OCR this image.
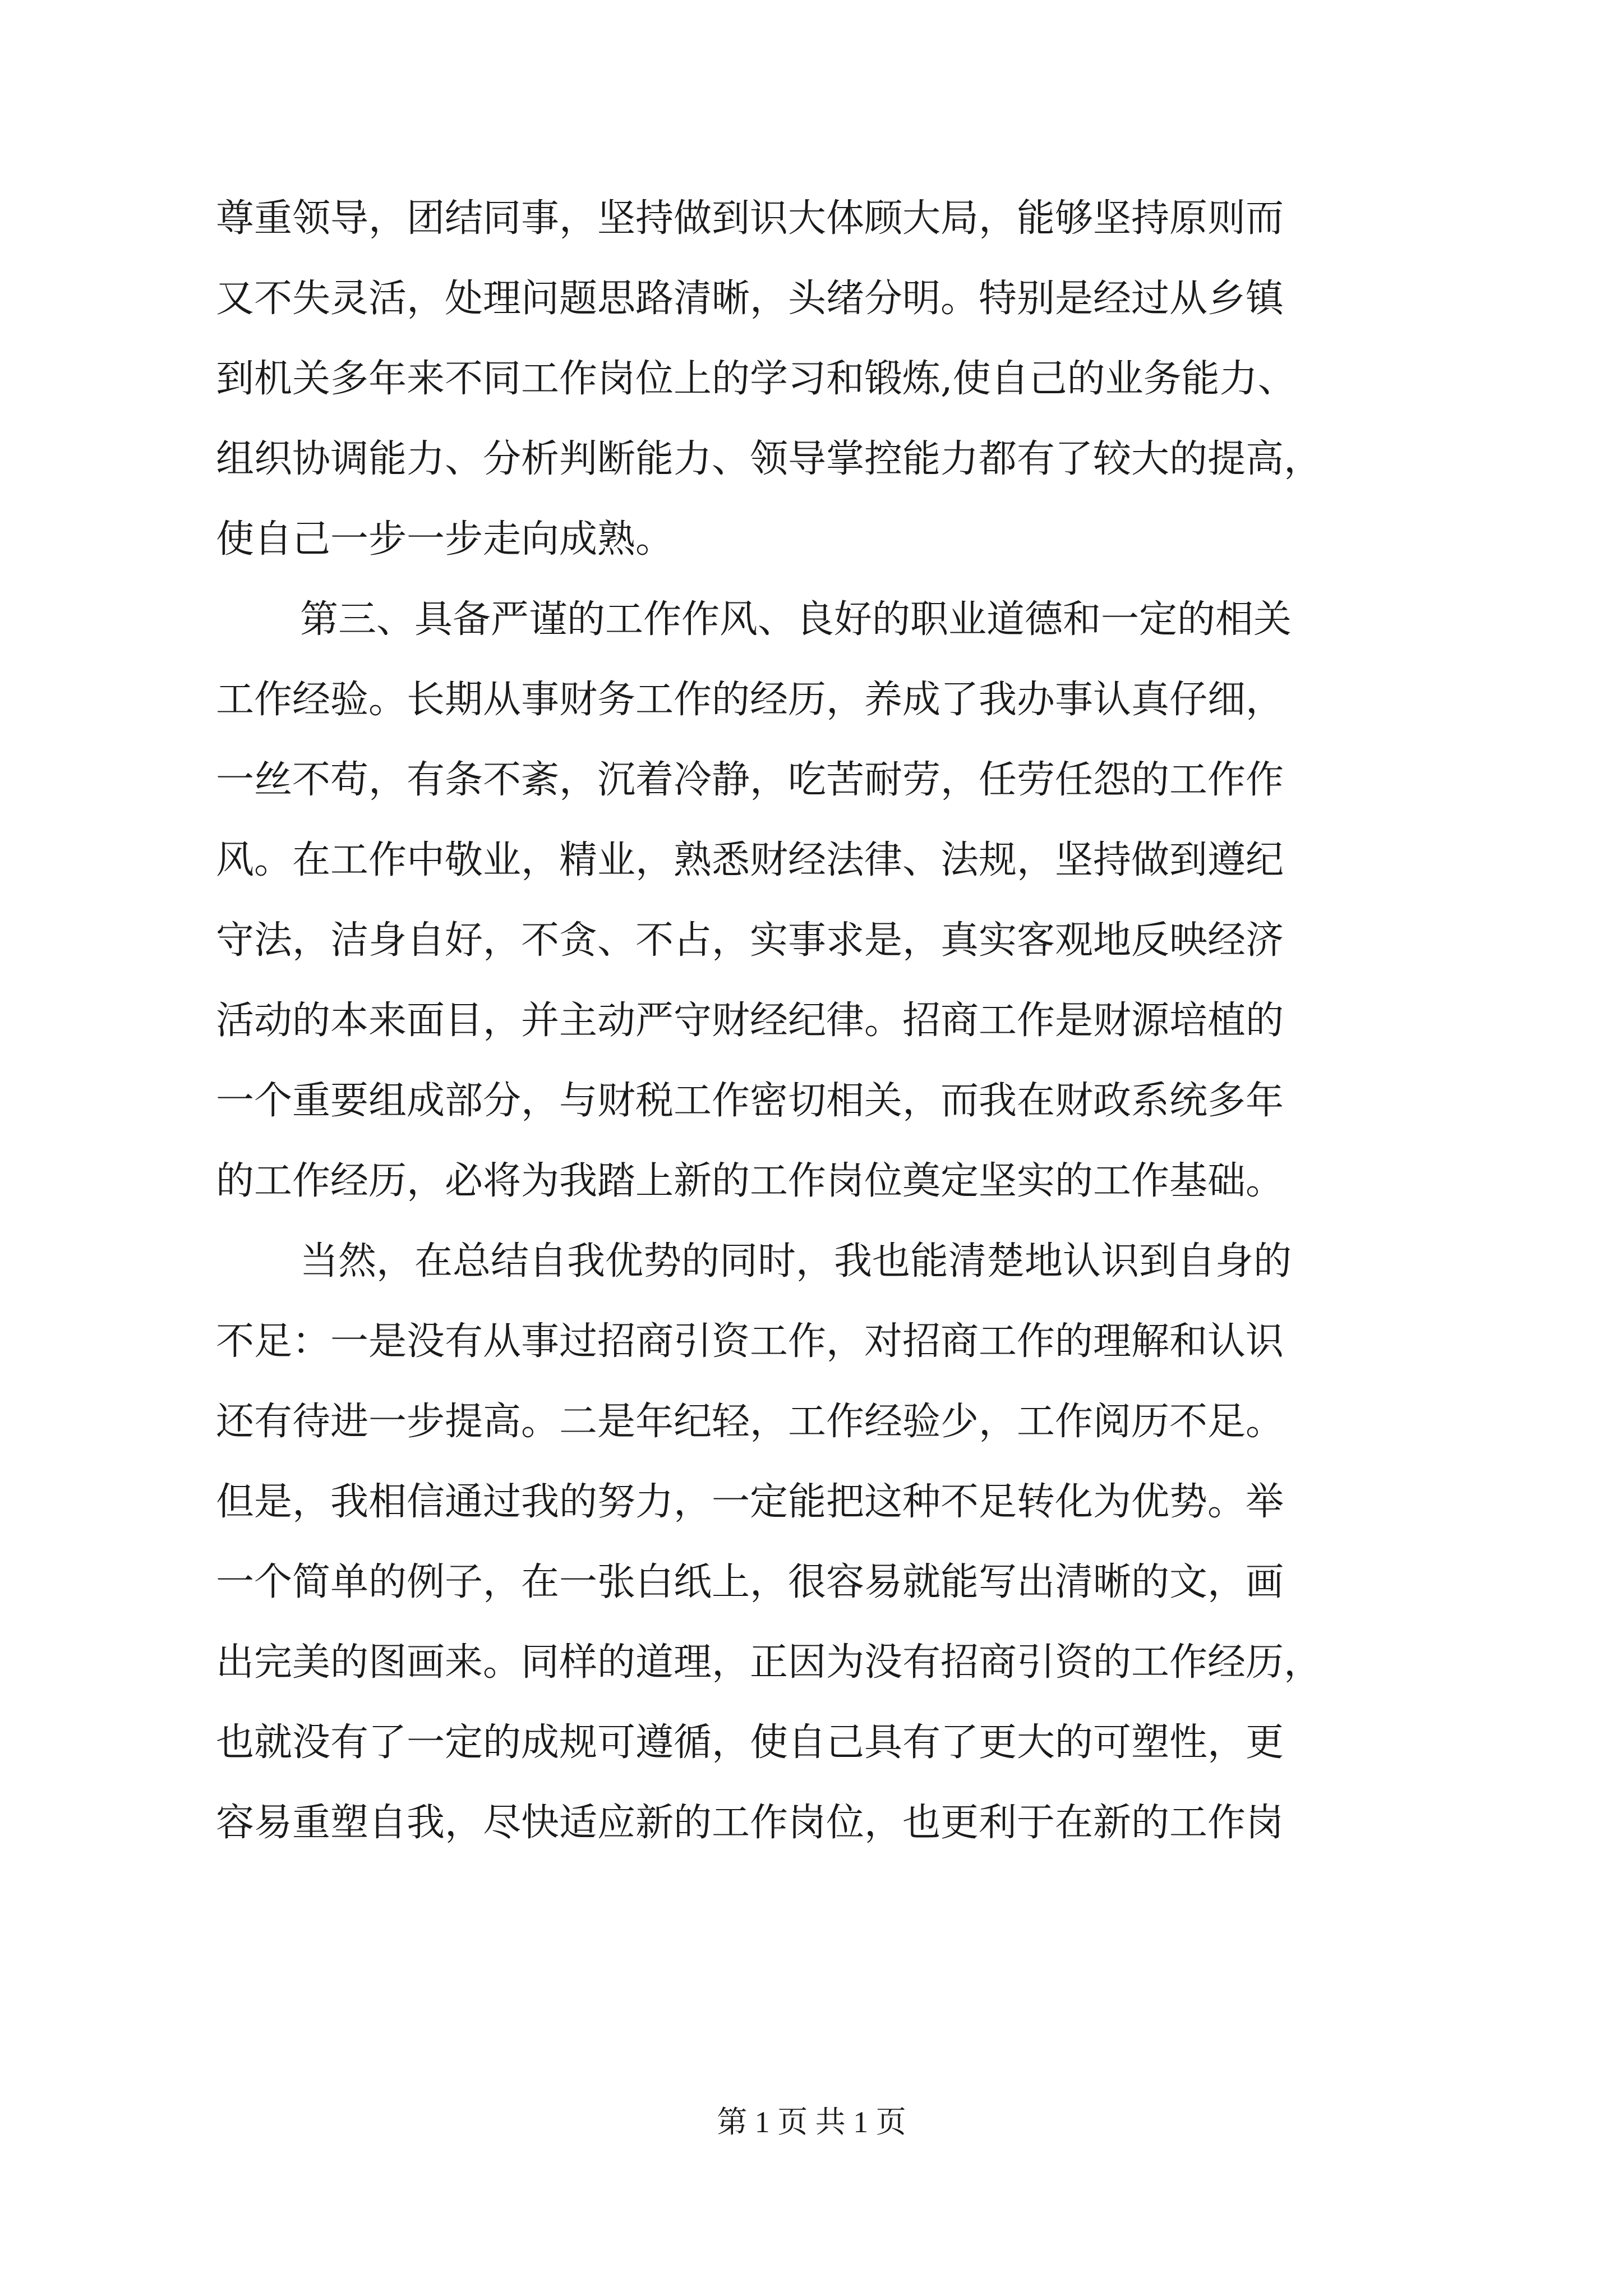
尊重领导，团结同事，坚持做到识大体顾大局，能够坚持原则而
又不失灵活，处理问题思路清晰，头绪分明。特别是经过从乡镇
到机关多年来不同工作岗位上的学习和锻炼,使自己的业务能力、
组织协调能力、分析判断能力、领导掌控能力都有了较大的提高，
使自己一步一步走向成熟。
第三、具备严谨的工作作风、良好的职业道德和一定的相关
工作经验。长期从事财务工作的经历，养成了我办事认真仔细，
一丝不苟，有条不紊，沉着冷静，吃苦耐劳，任劳任怨的工作作
风。在工作中敬业，精业，熟悉财经法律、法规，坚持做到遵纪
守法，洁身自好，不贪、不占，实事求是，真实客观地反映经济
活动的本来面目，并主动严守财经纪律。招商工作是财源培植的
一个重要组成部分，与财税工作密切相关，而我在财政系统多年
的工作经历，必将为我踏上新的工作岗位奠定坚实的工作基础。
当然，在总结自我优势的同时，我也能清楚地认识到自身的
不足：一是没有从事过招商引资工作，对招商工作的理解和认识
还有待进一步提高。二是年纪轻，工作经验少，工作阅历不足。
但是，我相信通过我的努力，一定能把这种不足转化为优势。举
一个简单的例子，在一张白纸上，很容易就能写出清晰的文，画
出完美的图画来。同样的道理，正因为没有招商引资的工作经历，
也就没有了一定的成规可遵循，使自己具有了更大的可塑性，更
容易重塑自我，尽快适应新的工作岗位，也更利于在新的工作岗
第 1 页 共 1 页
